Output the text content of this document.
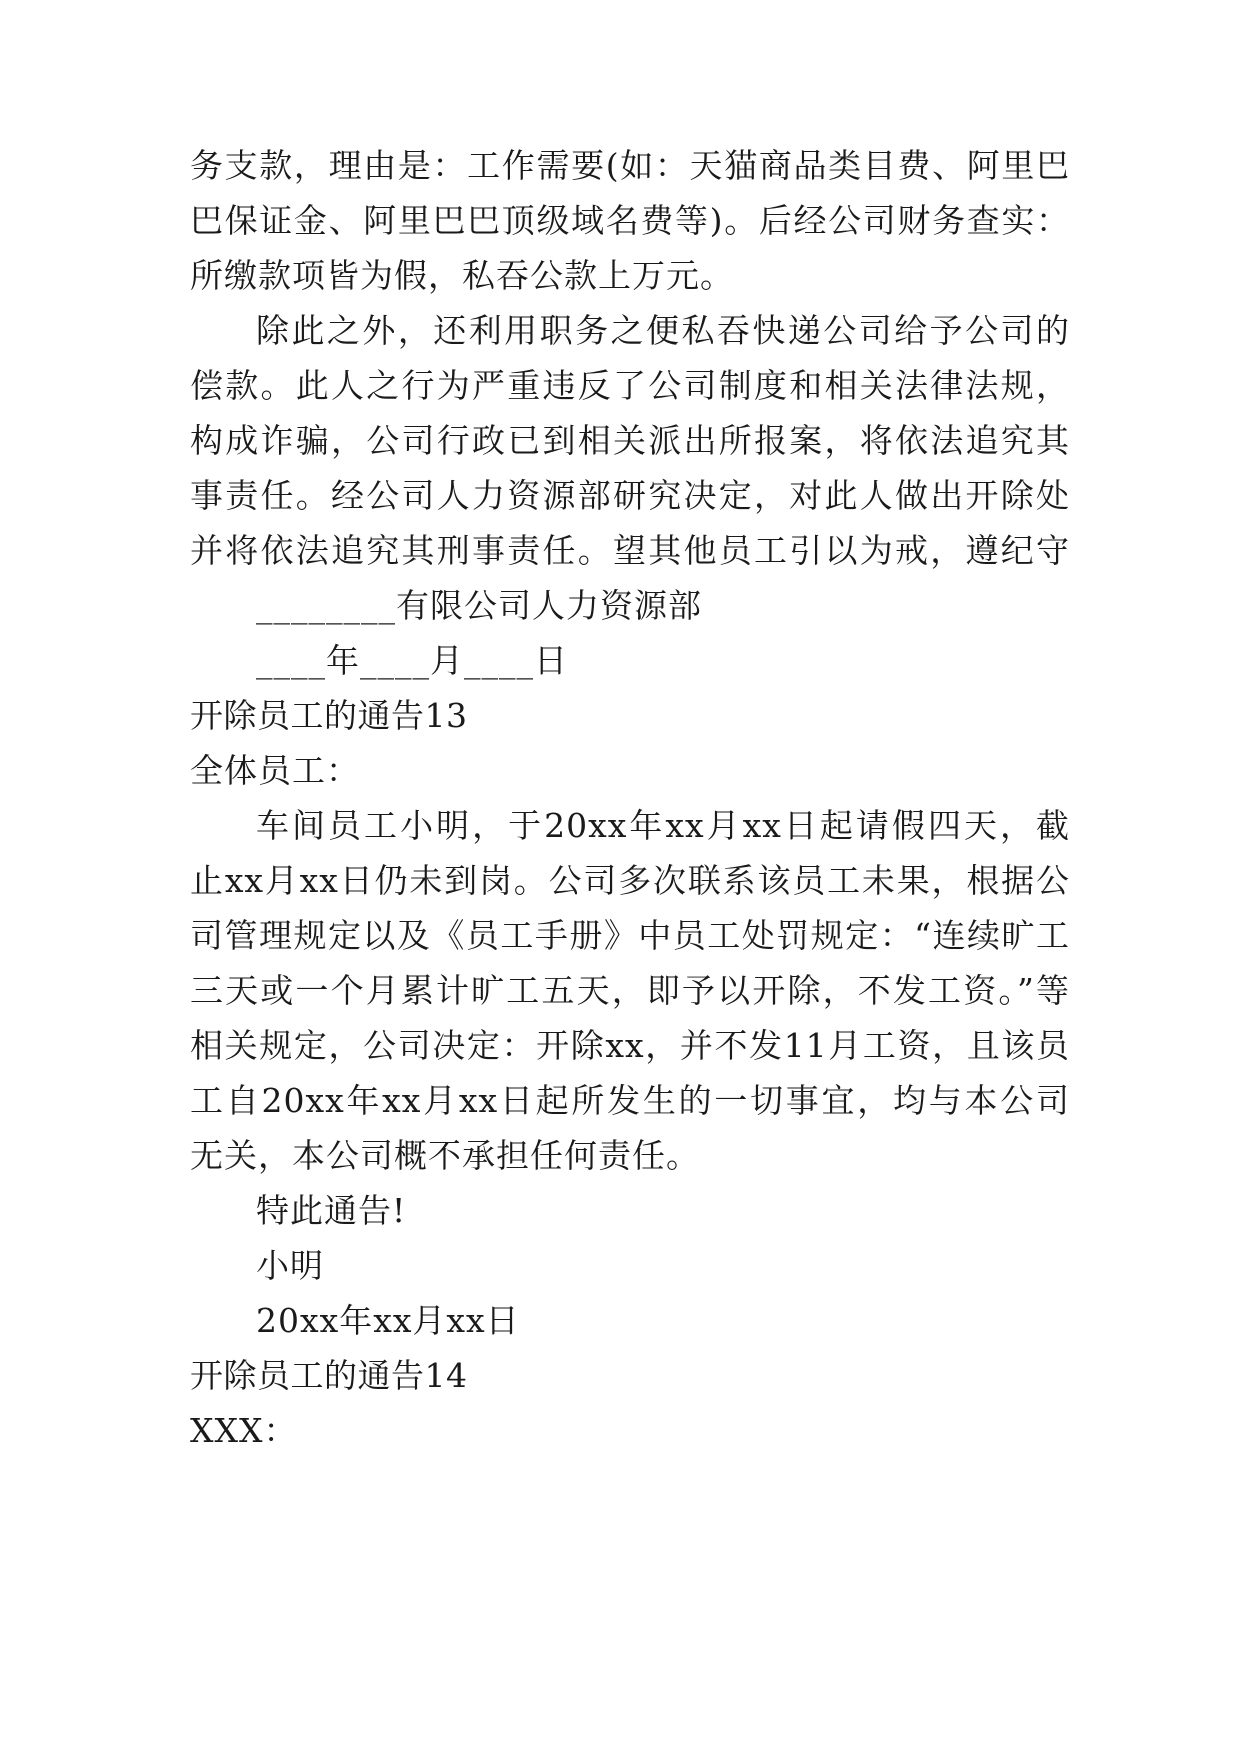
务支款，理由是：工作需要(如：天猫商品类目费、阿里巴
巴保证金、阿里巴巴顶级域名费等)。后经公司财务查实：
所缴款项皆为假，私吞公款上万元。
除此之外，还利用职务之便私吞快递公司给予公司的
偿款。此人之行为严重违反了公司制度和相关法律法规，
构成诈骗，公司行政已到相关派出所报案，将依法追究其
事责任。经公司人力资源部研究决定，对此人做出开除处
并将依法追究其刑事责任。望其他员工引以为戒，遵纪守
________有限公司人力资源部
____年____月____日
开除员工的通告13
全体员工：
车间员工小明，于20xx年xx月xx日起请假四天，截
止xx月xx日仍未到岗。公司多次联系该员工未果，根据公
司管理规定以及《员工手册》中员工处罚规定：“连续旷工
三天或一个月累计旷工五天，即予以开除，不发工资。”等
相关规定，公司决定：开除xx，并不发11月工资，且该员
工自20xx年xx月xx日起所发生的一切事宜，均与本公司
无关，本公司概不承担任何责任。
特此通告!
小明
20xx年xx月xx日
开除员工的通告14
XXX：
